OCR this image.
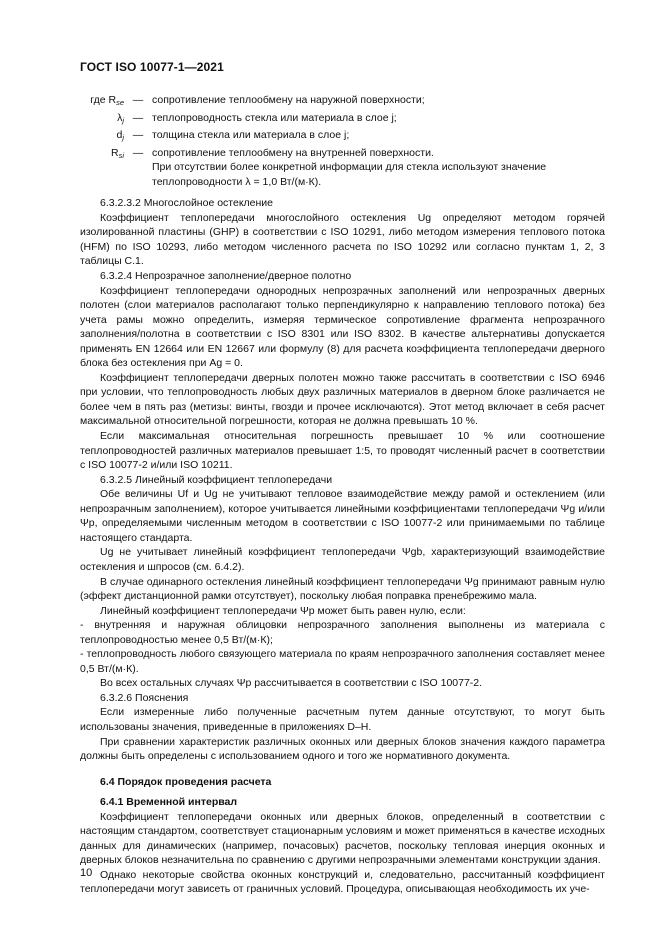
ГОСТ ISO 10077-1—2021
где $R_{se}$ — сопротивление теплообмену на наружной поверхности;
$\lambda_j$ — теплопроводность стекла или материала в слое j;
$d_j$ — толщина стекла или материала в слое j;
$R_{si}$ — сопротивление теплообмену на внутренней поверхности.
При отсутствии более конкретной информации для стекла используют значение теплопроводности λ = 1,0 Вт/(м·К).

6.3.2.3.2 Многослойное остекление

Коэффициент теплопередачи многослойного остекления Ug определяют методом горячей изолированной пластины (GHP) в соответствии с ISO 10291, либо методом измерения теплового потока (HFM) по ISO 10293, либо методом численного расчета по ISO 10292 или согласно пунктам 1, 2, 3 таблицы С.1.

6.3.2.4 Непрозрачное заполнение/дверное полотно

Коэффициент теплопередачи однородных непрозрачных заполнений или непрозрачных дверных полотен (слои материалов располагают только перпендикулярно к направлению теплового потока) без учета рамы можно определить, измеряя термическое сопротивление фрагмента непрозрачного заполнения/полотна в соответствии с ISO 8301 или ISO 8302. В качестве альтернативы допускается применять EN 12664 или EN 12667 или формулу (8) для расчета коэффициента теплопередачи дверного блока без остекления при Ag = 0.

Коэффициент теплопередачи дверных полотен можно также рассчитать в соответствии с ISO 6946 при условии, что теплопроводность любых двух различных материалов в дверном блоке различается не более чем в пять раз (метизы: винты, гвозди и прочее исключаются). Этот метод включает в себя расчет максимальной относительной погрешности, которая не должна превышать 10 %.

Если максимальная относительная погрешность превышает 10 % или соотношение теплопроводностей различных материалов превышает 1:5, то проводят численный расчет в соответствии с ISO 10077-2 и/или ISO 10211.

6.3.2.5 Линейный коэффициент теплопередачи

Обе величины Uf и Ug не учитывают тепловое взаимодействие между рамой и остеклением (или непрозрачным заполнением), которое учитывается линейными коэффициентами теплопередачи Ψg и/или Ψp, определяемыми численным методом в соответствии с ISO 10077-2 или принимаемыми по таблице настоящего стандарта.

Ug не учитывает линейный коэффициент теплопередачи Ψgb, характеризующий взаимодействие остекления и шпросов (см. 6.4.2).

В случае одинарного остекления линейный коэффициент теплопередачи Ψg принимают равным нулю (эффект дистанционной рамки отсутствует), поскольку любая поправка пренебрежимо мала.

Линейный коэффициент теплопередачи Ψp может быть равен нулю, если:

- внутренняя и наружная облицовки непрозрачного заполнения выполнены из материала с теплопроводностью менее 0,5 Вт/(м·К);

- теплопроводность любого связующего материала по краям непрозрачного заполнения составляет менее 0,5 Вт/(м·К).

Во всех остальных случаях Ψp рассчитывается в соответствии с ISO 10077-2.

6.3.2.6 Пояснения

Если измеренные либо полученные расчетным путем данные отсутствуют, то могут быть использованы значения, приведенные в приложениях D–H.

При сравнении характеристик различных оконных или дверных блоков значения каждого параметра должны быть определены с использованием одного и того же нормативного документа.

6.4 Порядок проведения расчета

6.4.1 Временной интервал

Коэффициент теплопередачи оконных или дверных блоков, определенный в соответствии с настоящим стандартом, соответствует стационарным условиям и может применяться в качестве исходных данных для динамических (например, почасовых) расчетов, поскольку тепловая инерция оконных и дверных блоков незначительна по сравнению с другими непрозрачными элементами конструкции здания.

Однако некоторые свойства оконных конструкций и, следовательно, рассчитанный коэффициент теплопередачи могут зависеть от граничных условий. Процедура, описывающая необходимость их уче-

10
